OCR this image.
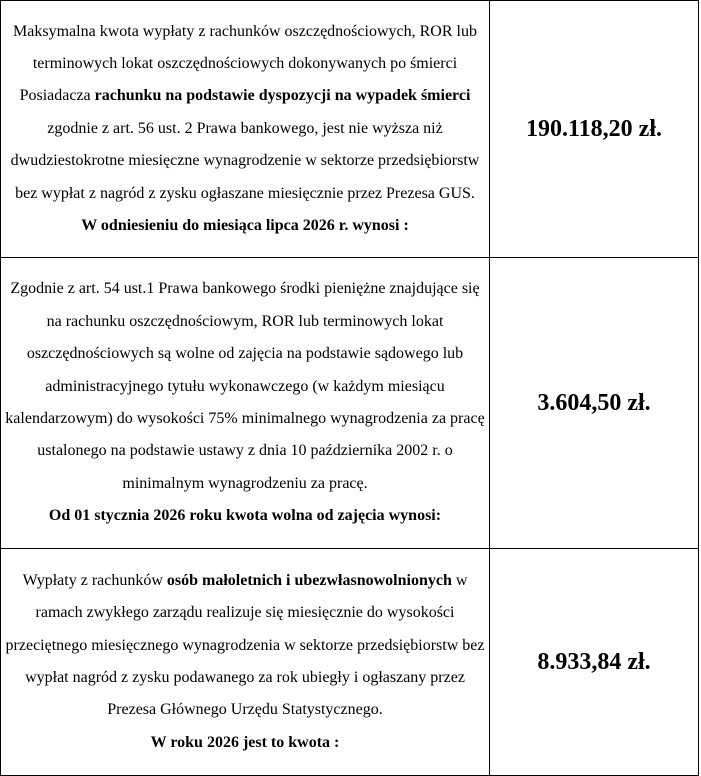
Maksymalna kwota wypłaty z rachunków oszczędnościowych, ROR lub terminowych lokat oszczędnościowych dokonywanych po śmierci Posiadacza rachunku na podstawie dyspozycji na wypadek śmierci zgodnie z art. 56 ust. 2 Prawa bankowego, jest nie wyższa niż dwudziestokrotne miesięczne wynagrodzenie w sektorze przedsiębiorstw bez wypłat z nagród z zysku ogłaszane miesięcznie przez Prezesa GUS.
W odniesieniu do miesiąca lipca 2026 r. wynosi :	190.118,20 zł.
Zgodnie z art. 54 ust.1 Prawa bankowego środki pieniężne znajdujące się na rachunku oszczędnościowym, ROR lub terminowych lokat oszczędnościowych są wolne od zajęcia na podstawie sądowego lub administracyjnego tytułu wykonawczego (w każdym miesiącu kalendarzowym) do wysokości 75% minimalnego wynagrodzenia za pracę ustalonego na podstawie ustawy z dnia 10 października 2002 r. o minimalnym wynagrodzeniu za pracę.
Od 01 stycznia 2026 roku kwota wolna od zajęcia wynosi:	3.604,50 zł.
Wypłaty z rachunków osób małoletnich i ubezwłasnowolnionych w ramach zwykłego zarządu realizuje się miesięcznie do wysokości przeciętnego miesięcznego wynagrodzenia w sektorze przedsiębiorstw bez wypłat nagród z zysku podawanego za rok ubiegły i ogłaszany przez Prezesa Głównego Urzędu Statystycznego.
W roku 2026 jest to kwota :	8.933,84 zł.
